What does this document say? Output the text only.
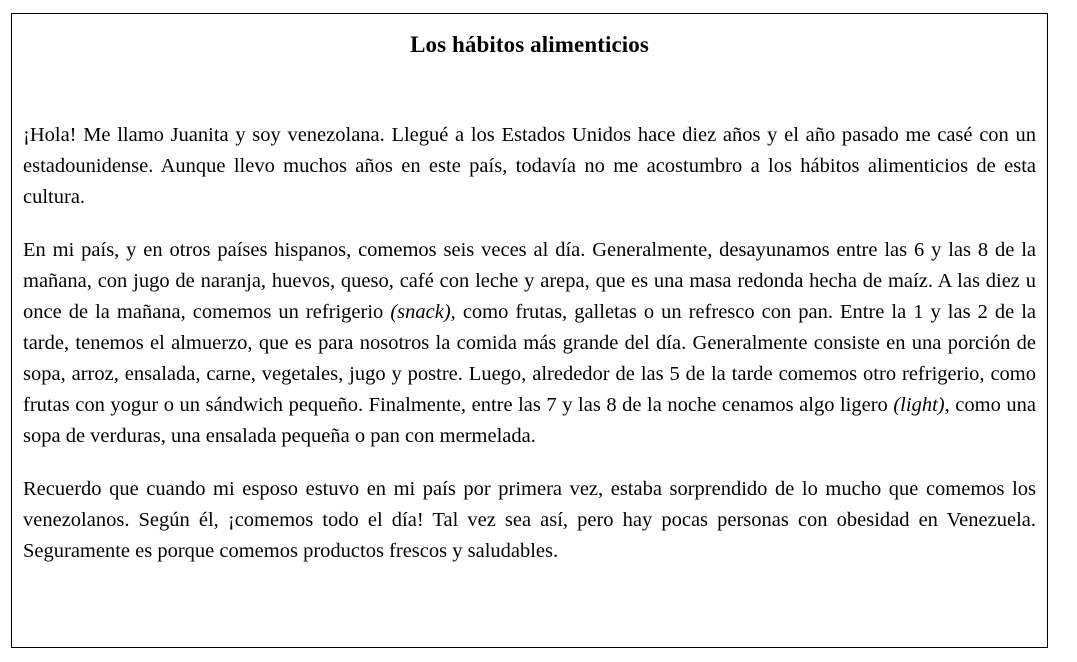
Los hábitos alimenticios

¡Hola! Me llamo Juanita y soy venezolana. Llegué a los Estados Unidos hace diez años y el año pasado me casé con un estadounidense. Aunque llevo muchos años en este país, todavía no me acostumbro a los hábitos alimenticios de esta cultura.

En mi país, y en otros países hispanos, comemos seis veces al día. Generalmente, desayunamos entre las 6 y las 8 de la mañana, con jugo de naranja, huevos, queso, café con leche y arepa, que es una masa redonda hecha de maíz. A las diez u once de la mañana, comemos un refrigerio (snack), como frutas, galletas o un refresco con pan. Entre la 1 y las 2 de la tarde, tenemos el almuerzo, que es para nosotros la comida más grande del día. Generalmente consiste en una porción de sopa, arroz, ensalada, carne, vegetales, jugo y postre. Luego, alrededor de las 5 de la tarde comemos otro refrigerio, como frutas con yogur o un sándwich pequeño. Finalmente, entre las 7 y las 8 de la noche cenamos algo ligero (light), como una sopa de verduras, una ensalada pequeña o pan con mermelada.

Recuerdo que cuando mi esposo estuvo en mi país por primera vez, estaba sorprendido de lo mucho que comemos los venezolanos. Según él, ¡comemos todo el día! Tal vez sea así, pero hay pocas personas con obesidad en Venezuela. Seguramente es porque comemos productos frescos y saludables.
